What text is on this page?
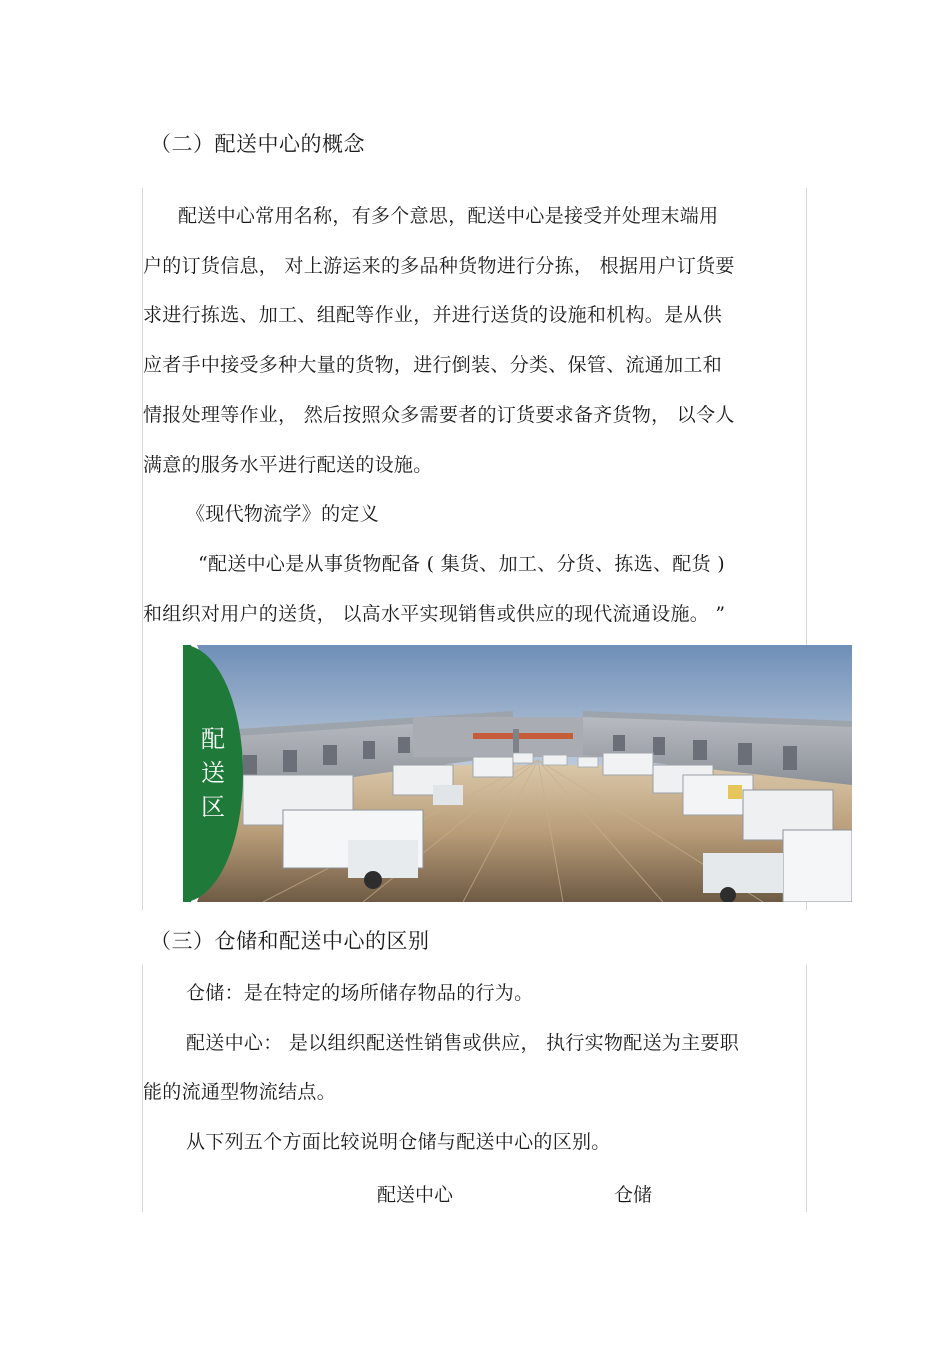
（二）配送中心的概念
配送中心常用名称，有多个意思，配送中心是接受并处理末端用
户的订货信息， 对上游运来的多品种货物进行分拣， 根据用户订货要
求进行拣选、加工、组配等作业，并进行送货的设施和机构。是从供
应者手中接受多种大量的货物，进行倒装、分类、保管、流通加工和
情报处理等作业， 然后按照众多需要者的订货要求备齐货物， 以令人
满意的服务水平进行配送的设施。
《现代物流学》的定义
“配送中心是从事货物配备 ( 集货、加工、分货、拣选、配货 )
和组织对用户的送货， 以高水平实现销售或供应的现代流通设施。 ”
配送区
（三）仓储和配送中心的区别
仓储：是在特定的场所储存物品的行为。
配送中心： 是以组织配送性销售或供应， 执行实物配送为主要职
能的流通型物流结点。
从下列五个方面比较说明仓储与配送中心的区别。
配送中心	仓储
